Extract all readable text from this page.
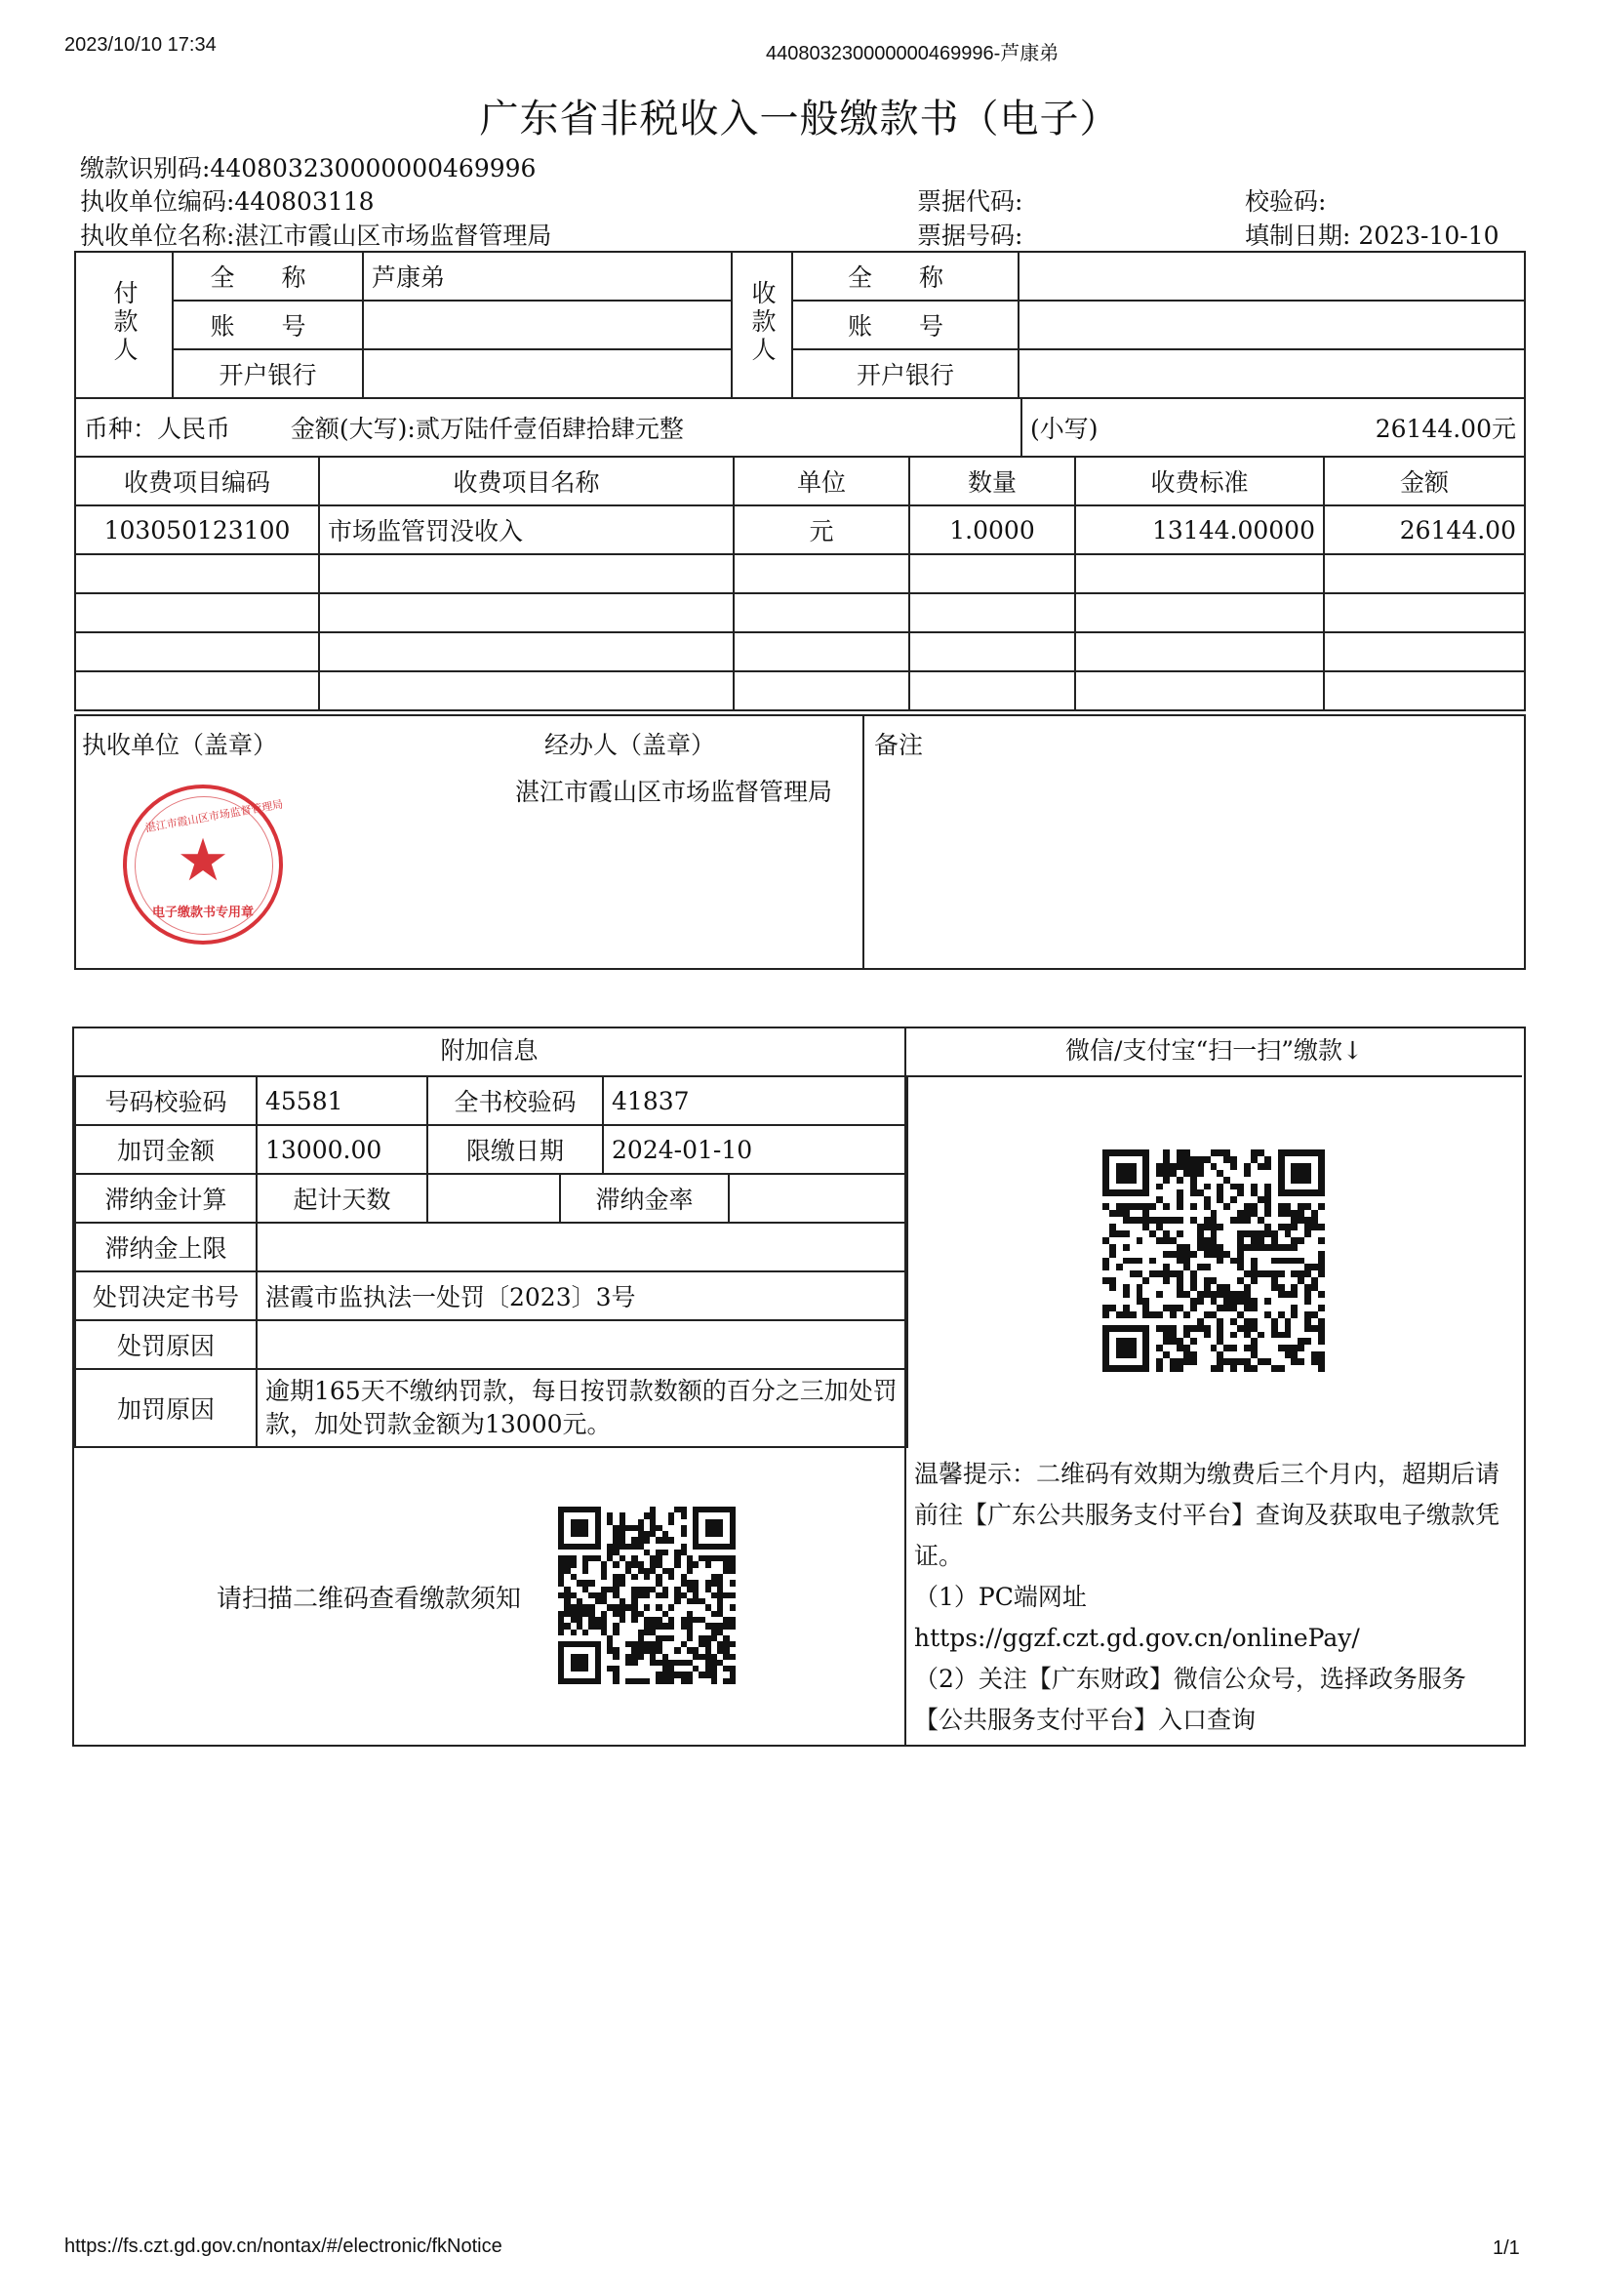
2023/10/10 17:34	440803230000000469996-芦康弟
广东省非税收入一般缴款书（电子）
缴款识别码:440803230000000469996
执收单位编码:440803118
执收单位名称:湛江市霞山区市场监督管理局
票据代码:
票据号码:
校验码:
填制日期: 2023-10-10
付款人	全 称	芦康弟	收款人	全 称	
	账 号			账 号	
	开户银行			开户银行	
币种：人民币 金额(大写):贰万陆仟壹佰肆拾肆元整	(小写)	26144.00元
收费项目编码	收费项目名称	单位	数量	收费标准	金额
103050123100	市场监管罚没收入	元	1.0000	13144.00000	26144.00

执收单位（盖章）	经办人（盖章）
湛江市霞山区市场监督管理局
湛江市霞山区市场监督管理局
★
电子缴款书专用章
	备注
附加信息
号码校验码	45581	全书校验码		41837	
加罚金额	13000.00	限缴日期		2024-01-10	
滞纳金计算	起计天数		滞纳金率		
滞纳金上限					
处罚决定书号	湛霞市监执法一处罚〔2023〕3号				
处罚原因					
加罚原因	逾期165天不缴纳罚款，每日按罚款数额的百分之三加处罚款，加处罚款金额为13000元。				
请扫描二维码查看缴款须知
微信/支付宝“扫一扫”缴款↓

温馨提示：二维码有效期为缴费后三个月内，超期后请前往【广东公共服务支付平台】查询及获取电子缴款凭证。

（1）PC端网址

https://ggzf.czt.gd.gov.cn/onlinePay/

（2）关注【广东财政】微信公众号，选择政务服务【公共服务支付平台】入口查询

https://fs.czt.gd.gov.cn/nontax/#/electronic/fkNotice	1/1
